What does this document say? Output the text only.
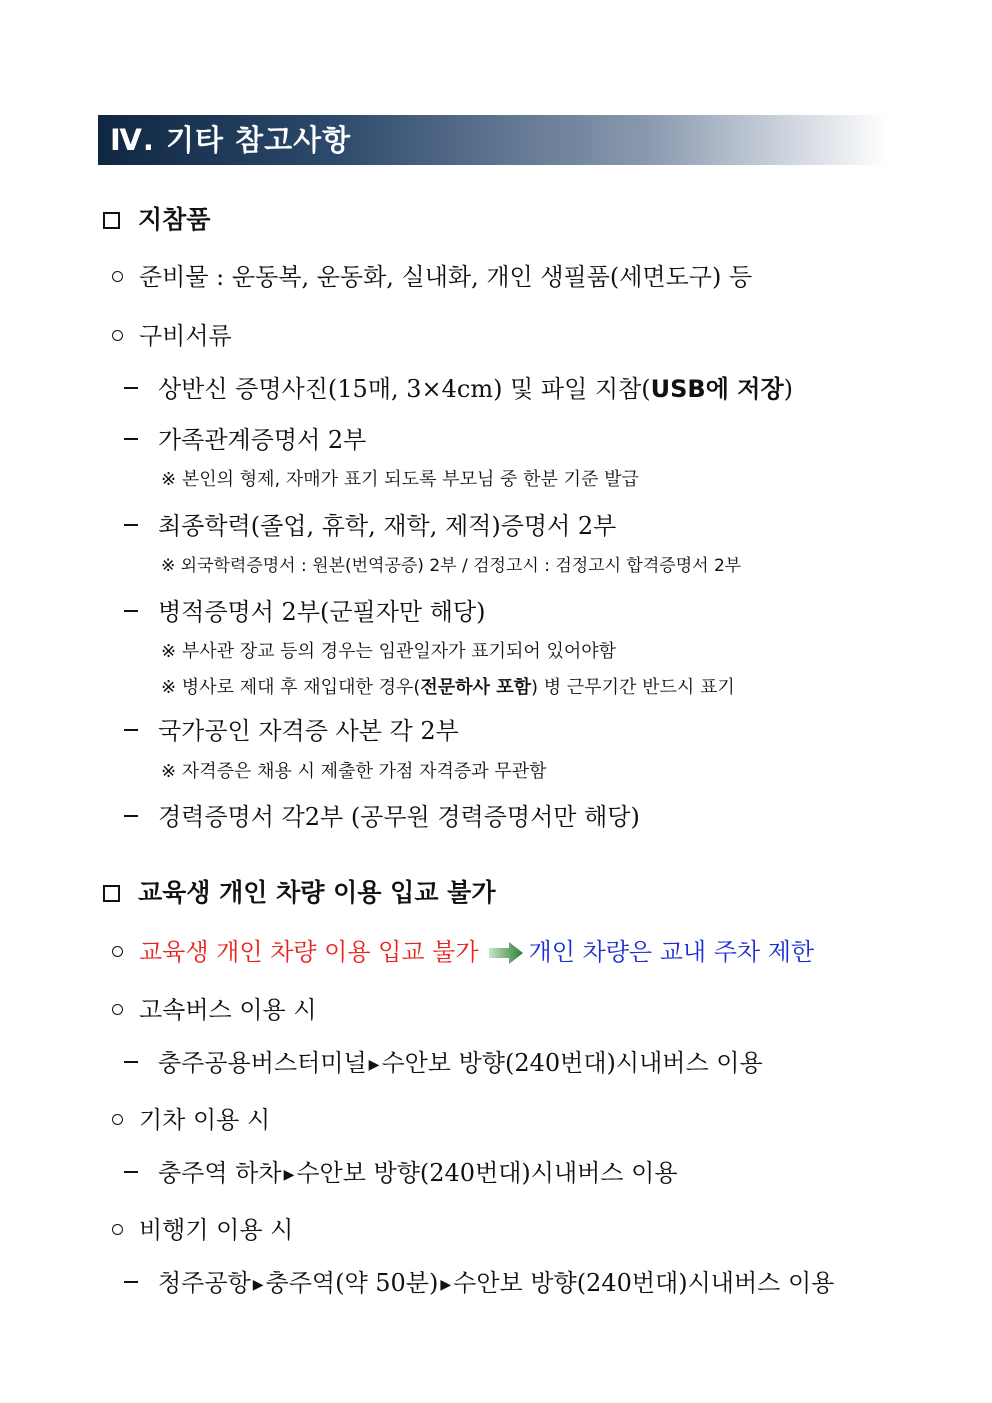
Ⅳ. 기타 참고사항
지참품
준비물 : 운동복, 운동화, 실내화, 개인 생필품(세면도구) 등
구비서류
상반신 증명사진(15매, 3×4cm) 및 파일 지참(USB에 저장)
가족관계증명서 2부
※ 본인의 형제, 자매가 표기 되도록 부모님 중 한분 기준 발급
최종학력(졸업, 휴학, 재학, 제적)증명서 2부
※ 외국학력증명서 : 원본(번역공증) 2부 / 검정고시 : 검정고시 합격증명서 2부
병적증명서 2부(군필자만 해당)
※ 부사관 장교 등의 경우는 임관일자가 표기되어 있어야함
※ 병사로 제대 후 재입대한 경우(전문하사 포함) 병 근무기간 반드시 표기
국가공인 자격증 사본 각 2부
※ 자격증은 채용 시 제출한 가점 자격증과 무관함
경력증명서 각2부 (공무원 경력증명서만 해당)
교육생 개인 차량 이용 입교 불가
교육생 개인 차량 이용 입교 불가 개인 차량은 교내 주차 제한
고속버스 이용 시
충주공용버스터미널 ▶수안보 방향(240번대)시내버스 이용
기차 이용 시
충주역 하차 ▶수안보 방향(240번대)시내버스 이용
비행기 이용 시
청주공항 ▶충주역(약 50분) ▶수안보 방향(240번대)시내버스 이용
